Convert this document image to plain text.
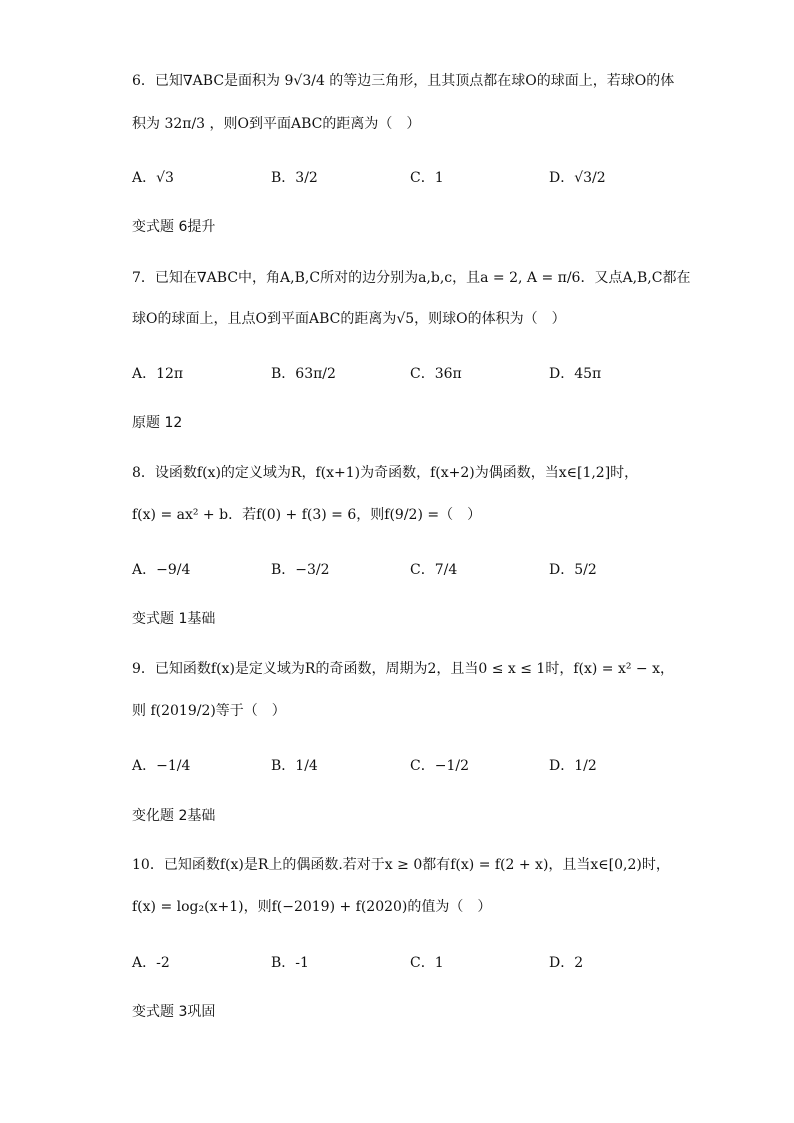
6．已知∇ABC是面积为 9√3/4 的等边三角形，且其顶点都在球O的球面上，若球O的体
积为 32π/3 ，则O到平面ABC的距离为（　）
A．√3	B．3/2	C．1	D．√3/2
变式题 6提升
7．已知在∇ABC中，角A,B,C所对的边分别为a,b,c，且a = 2, A = π/6．又点A,B,C都在
球O的球面上，且点O到平面ABC的距离为√5，则球O的体积为（　）
A．12π	B．63π/2	C．36π	D．45π
原题 12
8．设函数f(x)的定义域为R，f(x+1)为奇函数，f(x+2)为偶函数，当x∈[1,2]时，
f(x) = ax² + b．若f(0) + f(3) = 6，则f(9/2) =（　）
A．−9/4	B．−3/2	C．7/4	D．5/2
变式题 1基础
9．已知函数f(x)是定义域为R的奇函数，周期为2，且当0 ≤ x ≤ 1时，f(x) = x² − x，
则 f(2019/2)等于（　）
A．−1/4	B．1/4	C．−1/2	D．1/2
变化题 2基础
10．已知函数f(x)是R上的偶函数.若对于x ≥ 0都有f(x) = f(2 + x)，且当x∈[0,2)时，
f(x) = log₂(x+1)，则f(−2019) + f(2020)的值为（　）
A．-2	B．-1	C．1	D．2
变式题 3巩固
